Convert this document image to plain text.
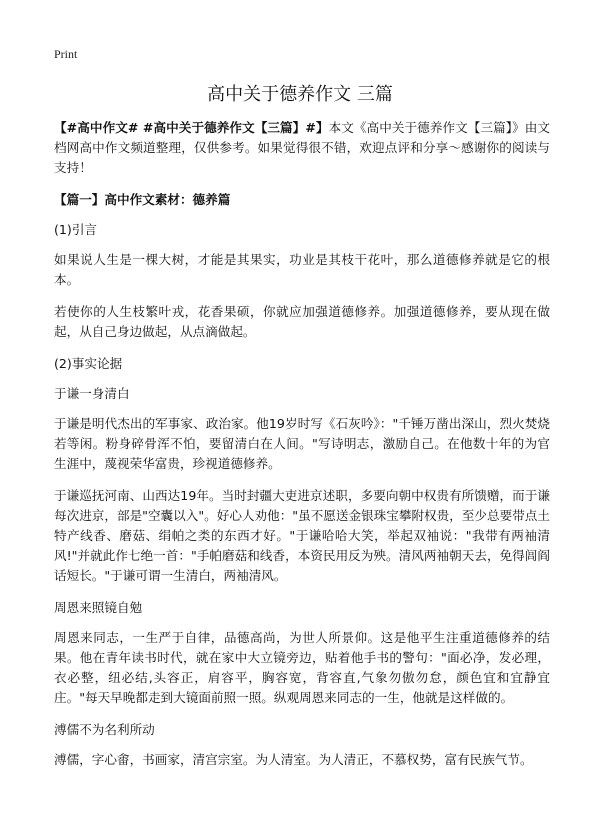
Print
高中关于德养作文 三篇

【#高中作文# #高中关于德养作文【三篇】#】本文《高中关于德养作文【三篇】》由文档网高中作文频道整理，仅供参考。如果觉得很不错，欢迎点评和分享～感谢你的阅读与支持！

【篇一】高中作文素材：德养篇

(1)引言

如果说人生是一棵大树，才能是其果实，功业是其枝干花叶，那么道德修养就是它的根本。

若使你的人生枝繁叶戎，花香果硕，你就应加强道德修养。加强道德修养，要从现在做起，从自己身边做起，从点滴做起。

(2)事实论据

于谦一身清白

于谦是明代杰出的军事家、政治家。他19岁时写《石灰吟》："千锤万凿出深山，烈火焚烧若等闲。粉身碎骨浑不怕，要留清白在人间。"写诗明志，激励自己。在他数十年的为官生涯中，蔑视荣华富贵，珍视道德修养。

于谦巡抚河南、山西达19年。当时封疆大吏进京述职，多要向朝中权贵有所馈赠，而于谦每次进京，部是"空囊以入"。好心人劝他："虽不愿送金银珠宝攀附权贵，至少总要带点土特产线香、磨菇、绢帕之类的东西才好。"于谦哈哈大笑，举起双袖说："我带有两袖清风!"并就此作七绝一首："手帕磨菇和线香，本资民用反为殃。清风两袖朝天去，免得闾阎话短长。"于谦可谓一生清白，两袖清风。

周恩来照镜自勉

周恩来同志，一生严于自律，品德高尚，为世人所景仰。这是他平生注重道德修养的结果。他在青年读书时代，就在家中大立镜旁边，贴着他手书的警句："面必净，发必理，衣必整，纽必结,头容正，肩容平，胸容宽，背容直,气象勿傲勿怠，颜色宜和宜静宜庄。"每天早晚都走到大镜面前照一照。纵观周恩来同志的一生，他就是这样做的。

溥儒不为名利所动

溥儒，字心畬，书画家，清宫宗室。为人清室。为人清正，不慕权势，富有民族气节。
